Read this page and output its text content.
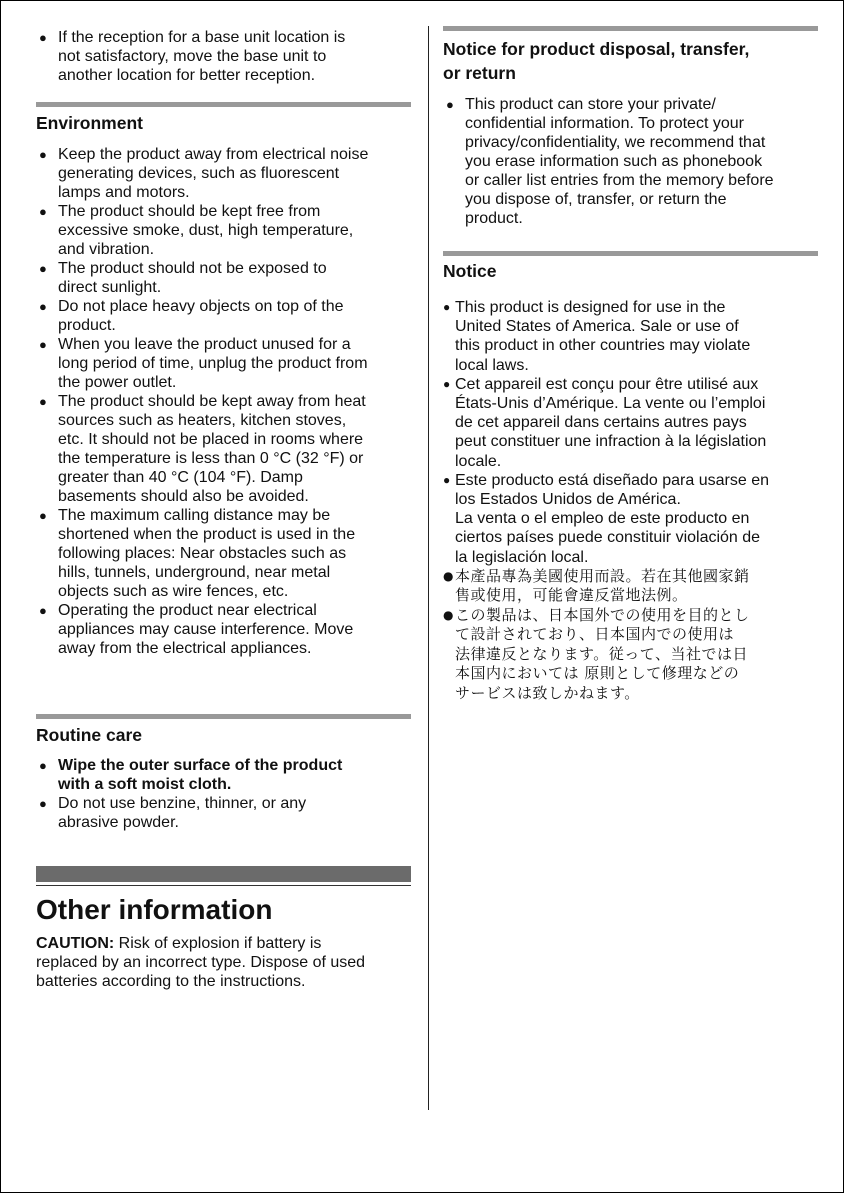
● If the reception for a base unit location is
not satisfactory, move the base unit to
another location for better reception.
Environment
● Keep the product away from electrical noise
generating devices, such as fluorescent
lamps and motors.
● The product should be kept free from
excessive smoke, dust, high temperature,
and vibration.
● The product should not be exposed to
direct sunlight.
● Do not place heavy objects on top of the
product.
● When you leave the product unused for a
long period of time, unplug the product from
the power outlet.
● The product should be kept away from heat
sources such as heaters, kitchen stoves,
etc. It should not be placed in rooms where
the temperature is less than 0 °C (32 °F) or
greater than 40 °C (104 °F). Damp
basements should also be avoided.
● The maximum calling distance may be
shortened when the product is used in the
following places: Near obstacles such as
hills, tunnels, underground, near metal
objects such as wire fences, etc.
● Operating the product near electrical
appliances may cause interference. Move
away from the electrical appliances.
Routine care
● Wipe the outer surface of the product
with a soft moist cloth.
● Do not use benzine, thinner, or any
abrasive powder.
Other information

CAUTION: Risk of explosion if battery is
replaced by an incorrect type. Dispose of used
batteries according to the instructions.

Notice for product disposal, transfer,
or return
● This product can store your private/
confidential information. To protect your
privacy/confidentiality, we recommend that
you erase information such as phonebook
or caller list entries from the memory before
you dispose of, transfer, or return the
product.
Notice
● This product is designed for use in the
United States of America. Sale or use of
this product in other countries may violate
local laws.
● Cet appareil est conçu pour être utilisé aux
États-Unis d’Amérique. La vente ou l’emploi
de cet appareil dans certains autres pays
peut constituer une infraction à la législation
locale.
● Este producto está diseñado para usarse en
los Estados Unidos de América.
La venta o el empleo de este producto en
ciertos países puede constituir violación de
la legislación local.
● 本產品專為美國使用而設。若在其他國家銷
售或使用，可能會違反當地法例。
● この製品は、日本国外での使用を目的とし
て設計されており、日本国内での使用は
法律違反となります。従って、当社では日
本国内においては 原則として修理などの
サービスは致しかねます。
